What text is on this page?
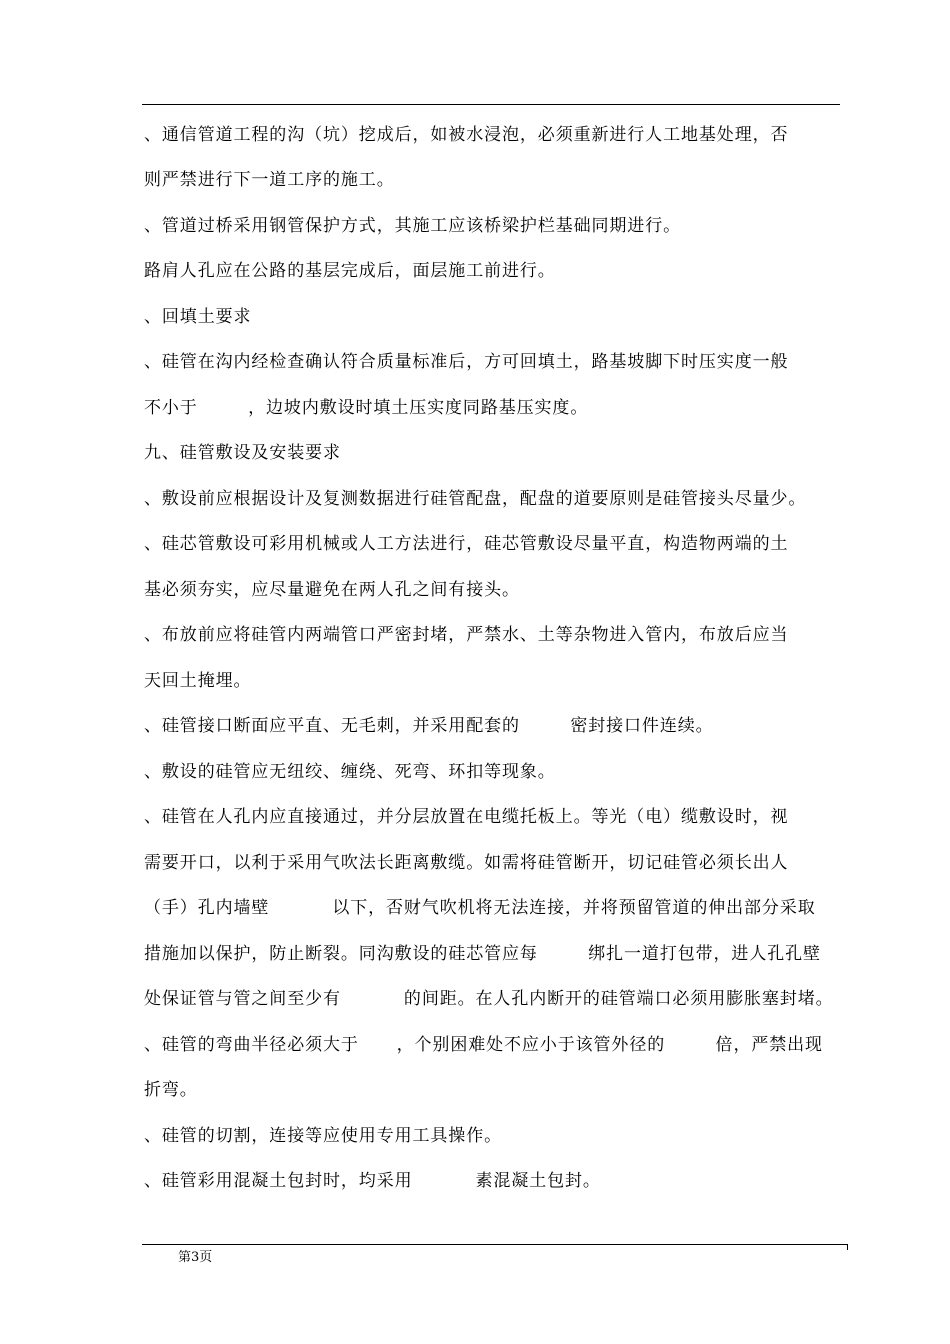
、通信管道工程的沟（坑）挖成后，如被水浸泡，必须重新进行人工地基处理，否
则严禁进行下一道工序的施工。
、管道过桥采用钢管保护方式，其施工应该桥梁护栏基础同期进行。
路肩人孔应在公路的基层完成后，面层施工前进行。
、回填土要求
、硅管在沟内经检查确认符合质量标准后，方可回填土，路基坡脚下时压实度一般
不小于        ，边坡内敷设时填土压实度同路基压实度。
九、硅管敷设及安装要求
、敷设前应根据设计及复测数据进行硅管配盘，配盘的道要原则是硅管接头尽量少。
、硅芯管敷设可彩用机械或人工方法进行，硅芯管敷设尽量平直，构造物两端的土
基必须夯实，应尽量避免在两人孔之间有接头。
、布放前应将硅管内两端管口严密封堵，严禁水、土等杂物进入管内，布放后应当
天回土掩埋。
、硅管接口断面应平直、无毛刺，并采用配套的        密封接口件连续。
、敷设的硅管应无纽绞、缠绕、死弯、环扣等现象。
、硅管在人孔内应直接通过，并分层放置在电缆托板上。等光（电）缆敷设时，视
需要开口，以利于采用气吹法长距离敷缆。如需将硅管断开，切记硅管必须长出人
（手）孔内墙壁          以下，否财气吹机将无法连接，并将预留管道的伸出部分采取
措施加以保护，防止断裂。同沟敷设的硅芯管应每        绑扎一道打包带，进人孔孔壁
处保证管与管之间至少有          的间距。在人孔内断开的硅管端口必须用膨胀塞封堵。
、硅管的弯曲半径必须大于      ，个别困难处不应小于该管外径的        倍，严禁出现
折弯。
、硅管的切割，连接等应使用专用工具操作。
、硅管彩用混凝土包封时，均采用          素混凝土包封。
第3页
